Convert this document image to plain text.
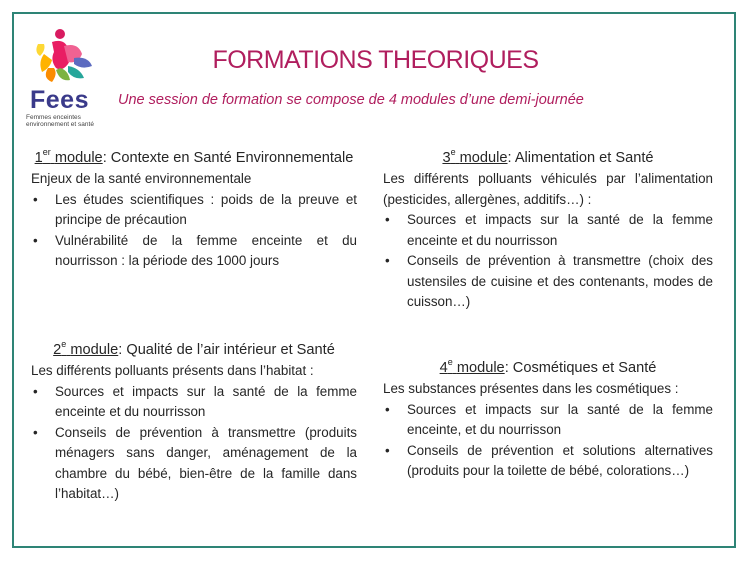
Fees
Femmes enceintes environnement et santé
FORMATIONS THEORIQUES
Une session de formation se compose de 4 modules d’une demi-journée
1er module: Contexte en Santé Environnementale
Enjeux de la santé environnementale
• Les études scientifiques : poids de la preuve et principe de précaution
• Vulnérabilité de la femme enceinte et du nourrisson : la période des 1000 jours
2e module: Qualité de l’air intérieur et Santé
Les différents polluants présents dans l’habitat :
• Sources et impacts sur la santé de la femme enceinte et du nourrisson
• Conseils de prévention à transmettre (produits ménagers sans danger, aménagement de la chambre du bébé, bien-être de la famille dans l’habitat…)
3e module: Alimentation et Santé
Les différents polluants véhiculés par l’alimentation (pesticides, allergènes, additifs…) :
• Sources et impacts sur la santé de la femme enceinte et du nourrisson
• Conseils de prévention à transmettre (choix des ustensiles de cuisine et des contenants, modes de cuisson…)
4e module: Cosmétiques et Santé
Les substances présentes dans les cosmétiques :
• Sources et impacts sur la santé de la femme enceinte, et du nourrisson
• Conseils de prévention et solutions alternatives (produits pour la toilette de bébé, colorations…)
